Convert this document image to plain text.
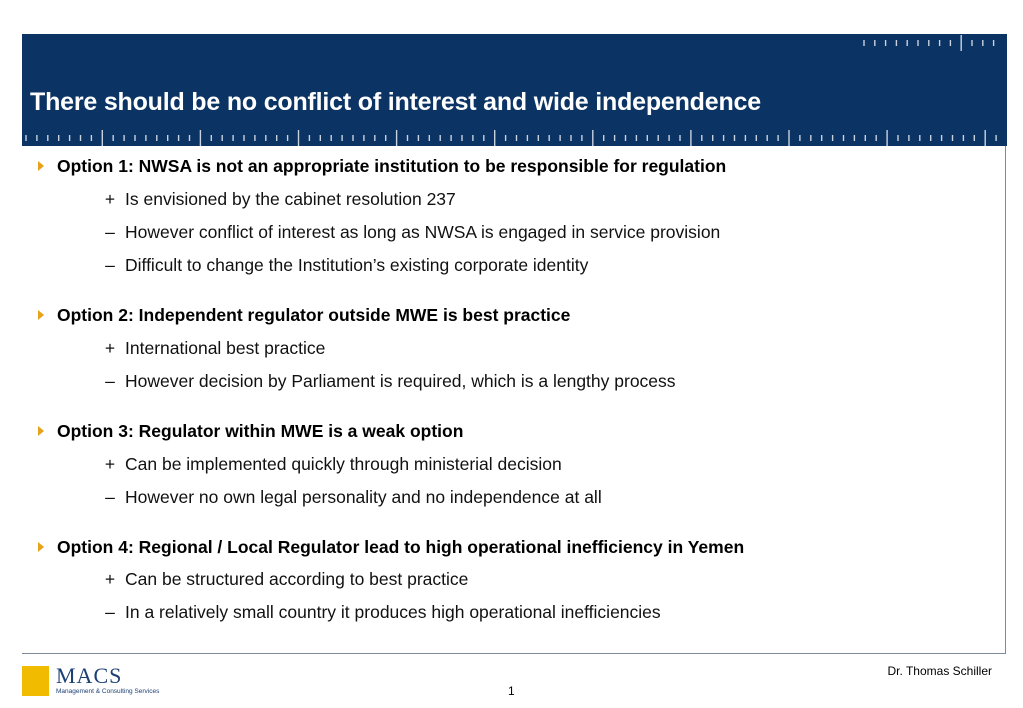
There should be no conflict of interest and wide independence
Option 1: NWSA is not an appropriate institution to be responsible for regulation
+ Is envisioned by the cabinet resolution 237
– However conflict of interest as long as NWSA is engaged in service provision
– Difficult to change the Institution’s existing corporate identity
Option 2: Independent regulator outside MWE is best practice
+ International best practice
– However decision by Parliament is required, which is a lengthy process
Option 3: Regulator within MWE is a weak option
+ Can be implemented quickly through ministerial decision
– However no own legal personality and no independence at all
Option 4: Regional / Local Regulator lead to high operational inefficiency in Yemen
+ Can be structured according to best practice
– In a relatively small country it produces high operational inefficiencies
MACS
Management & Consulting Services
Dr. Thomas Schiller
1
